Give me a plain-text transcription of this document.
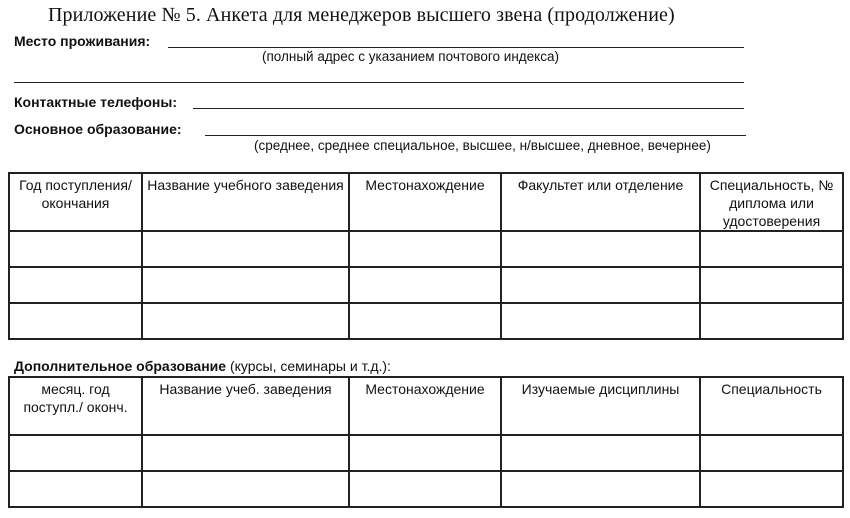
Приложение № 5. Анкета для менеджеров высшего звена (продолжение)
Место проживания:
(полный адрес с указанием почтового индекса)
Контактные телефоны:
Основное образование:
(среднее, среднее специальное, высшее, н/высшее, дневное, вечернее)
Год поступления/ окончания	Название учебного заведения	Местонахождение	Факультет или отделение	Специальность, № диплома или удостоверения

Дополнительное образование (курсы, семинары и т.д.):
месяц. год поступл./ оконч.	Название учеб. заведения	Местонахождение	Изучаемые дисциплины	Специальность
